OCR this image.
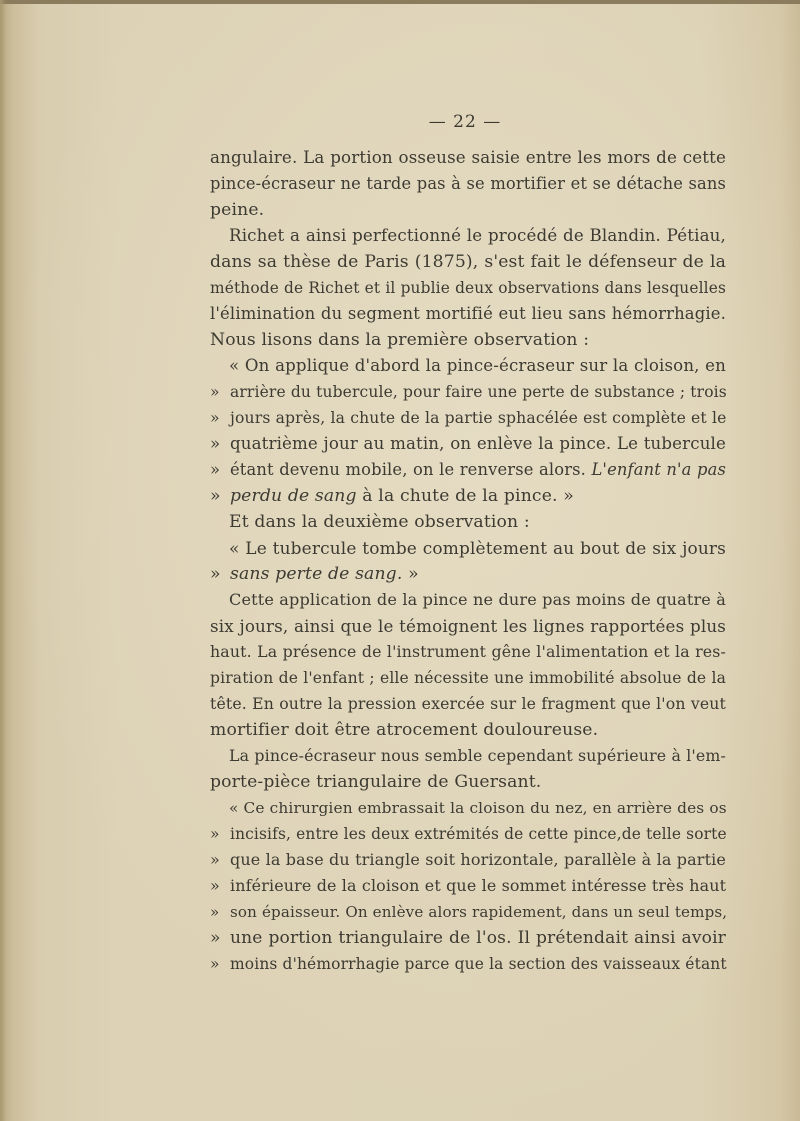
— 22 —
angulaire. La portion osseuse saisie entre les mors de cette
pince-écraseur ne tarde pas à se mortifier et se détache sans
peine.
Richet a ainsi perfectionné le procédé de Blandin. Pétiau,
dans sa thèse de Paris (1875), s'est fait le défenseur de la
méthode de Richet et il publie deux observations dans lesquelles
l'élimination du segment mortifié eut lieu sans hémorrhagie.
Nous lisons dans la première observation :
« On applique d'abord la pince-écraseur sur la cloison, en
» arrière du tubercule, pour faire une perte de substance ; trois
» jours après, la chute de la partie sphacélée est complète et le
» quatrième jour au matin, on enlève la pince. Le tubercule
» étant devenu mobile, on le renverse alors. L'enfant n'a pas
» perdu de sang à la chute de la pince. »
Et dans la deuxième observation :
« Le tubercule tombe complètement au bout de six jours
» sans perte de sang. »
Cette application de la pince ne dure pas moins de quatre à
six jours, ainsi que le témoignent les lignes rapportées plus
haut. La présence de l'instrument gêne l'alimentation et la res-
piration de l'enfant ; elle nécessite une immobilité absolue de la
tête. En outre la pression exercée sur le fragment que l'on veut
mortifier doit être atrocement douloureuse.
La pince-écraseur nous semble cependant supérieure à l'em-
porte-pièce triangulaire de Guersant.
« Ce chirurgien embrassait la cloison du nez, en arrière des os
» incisifs, entre les deux extrémités de cette pince,de telle sorte
» que la base du triangle soit horizontale, parallèle à la partie
» inférieure de la cloison et que le sommet intéresse très haut
» son épaisseur. On enlève alors rapidement, dans un seul temps,
» une portion triangulaire de l'os. Il prétendait ainsi avoir
» moins d'hémorrhagie parce que la section des vaisseaux étant
